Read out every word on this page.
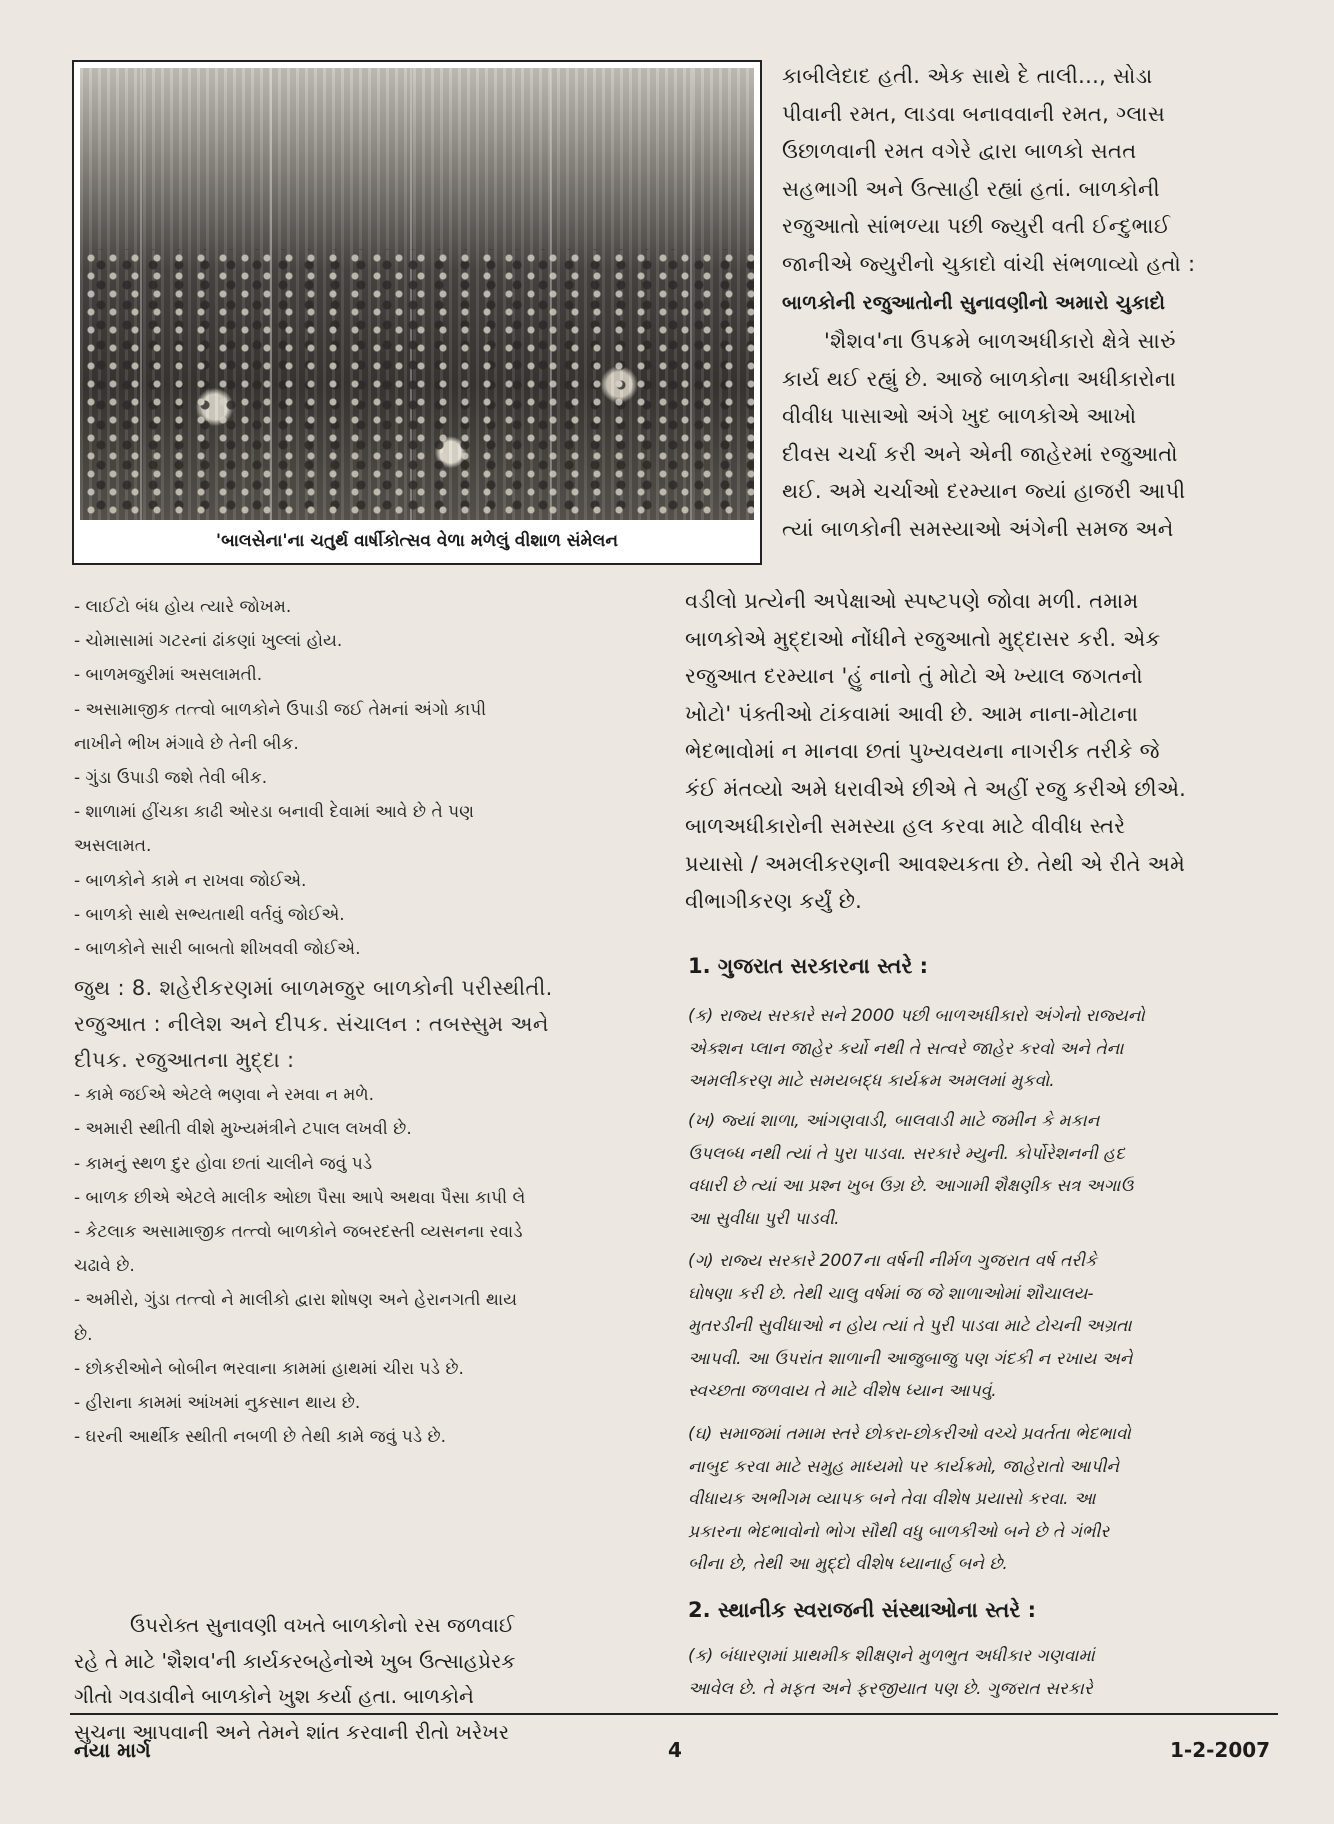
'બાલસેના'ના ચતુર્થ વાર્ષીકોત્સવ વેળા મળેલું વીશાળ સંમેલન

કાબીલેદાદ હતી. એક સાથે દે તાલી..., સોડા

પીવાની રમત, લાડવા બનાવવાની રમત, ગ્લાસ

ઉછાળવાની રમત વગેરે દ્વારા બાળકો સતત

સહભાગી અને ઉત્સાહી રહ્યાં હતાં. બાળકોની

રજુઆતો સાંભળ્યા પછી જ્યુરી વતી ઈન્દુભાઈ

જાનીએ જ્યુરીનો ચુકાદો વાંચી સંભળાવ્યો હતો :

બાળકોની રજુઆતોની સુનાવણીનો અમારો ચુકાદો

'શૈશવ'ના ઉપક્રમે બાળઅધીકારો ક્ષેત્રે સારું

કાર્ય થઈ રહ્યું છે. આજે બાળકોના અધીકારોના

વીવીધ પાસાઓ અંગે ખુદ બાળકોએ આખો

દીવસ ચર્ચા કરી અને એની જાહેરમાં રજુઆતો

થઈ. અમે ચર્ચાઓ દરમ્યાન જ્યાં હાજરી આપી

ત્યાં બાળકોની સમસ્યાઓ અંગેની સમજ અને

વડીલો પ્રત્યેની અપેક્ષાઓ સ્પષ્ટપણે જોવા મળી. તમામ

બાળકોએ મુદ્દાઓ નોંધીને રજુઆતો મુદ્દાસર કરી. એક

રજુઆત દરમ્યાન 'હું નાનો તું મોટો એ ખ્યાલ જગતનો

ખોટો' પંક્તીઓ ટાંકવામાં આવી છે. આમ નાના-મોટાના

ભેદભાવોમાં ન માનવા છતાં પુખ્યવયના નાગરીક તરીકે જે

કંઈ મંતવ્યો અમે ધરાવીએ છીએ તે અહીં રજુ કરીએ છીએ.

બાળઅધીકારોની સમસ્યા હલ કરવા માટે વીવીધ સ્તરે

પ્રયાસો / અમલીકરણની આવશ્યકતા છે. તેથી એ રીતે અમે

વીભાગીકરણ કર્યું છે.

1. ગુજરાત સરકારના સ્તરે :
(ક) રાજ્ય સરકારે સને 2000 પછી બાળઅધીકારો અંગેનો રાજ્યનો
એક્શન પ્લાન જાહેર કર્યો નથી તે સત્વરે જાહેર કરવો અને તેના
અમલીકરણ માટે સમયબદ્ધ કાર્યક્રમ અમલમાં મુકવો.
(ખ) જ્યાં શાળા, આંગણવાડી, બાલવાડી માટે જમીન કે મકાન
ઉપલબ્ધ નથી ત્યાં તે પુરા પાડવા. સરકારે મ્યુની. કોર્પોરેશનની હદ
વધારી છે ત્યાં આ પ્રશ્ન ખુબ ઉગ્ર છે. આગામી શૈક્ષણીક સત્ર અગાઉ
આ સુવીધા પુરી પાડવી.
(ગ) રાજ્ય સરકારે 2007ના વર્ષની નીર્મળ ગુજરાત વર્ષ તરીકે
ઘોષણા કરી છે. તેથી ચાલુ વર્ષમાં જ જે શાળાઓમાં શૌચાલય-
મુતરડીની સુવીધાઓ ન હોય ત્યાં તે પુરી પાડવા માટે ટોચની અગ્રતા
આપવી. આ ઉપરાંત શાળાની આજુબાજુ પણ ગંદકી ન રખાય અને
સ્વચ્છતા જળવાય તે માટે વીશેષ ધ્યાન આપવું.
(ઘ) સમાજમાં તમામ સ્તરે છોકરા-છોકરીઓ વચ્ચે પ્રવર્તતા ભેદભાવો
નાબુદ કરવા માટે સમુહ માધ્યમો પર કાર્યક્રમો, જાહેરાતો આપીને
વીધાયક અભીગમ વ્યાપક બને તેવા વીશેષ પ્રયાસો કરવા. આ
પ્રકારના ભેદભાવોનો ભોગ સૌથી વધુ બાળકીઓ બને છે તે ગંભીર
બીના છે, તેથી આ મુદ્દો વીશેષ ધ્યાનાર્હ બને છે.
2. સ્થાનીક સ્વરાજની સંસ્થાઓના સ્તરે :
(ક) બંધારણમાં પ્રાથમીક શીક્ષણને મુળભુત અધીકાર ગણવામાં
આવેલ છે. તે મફત અને ફરજીયાત પણ છે. ગુજરાત સરકારે
- લાઈટો બંધ હોય ત્યારે જોખમ.
- ચોમાસામાં ગટરનાં ઢાંકણાં ખુલ્લાં હોય.
- બાળમજુરીમાં અસલામતી.
- અસામાજીક તત્ત્વો બાળકોને ઉપાડી જઈ તેમનાં અંગો કાપી
નાખીને ભીખ મંગાવે છે તેની બીક.
- ગુંડા ઉપાડી જશે તેવી બીક.
- શાળામાં હીંચકા કાઢી ઓરડા બનાવી દેવામાં આવે છે તે પણ
અસલામત.
- બાળકોને કામે ન રાખવા જોઈએ.
- બાળકો સાથે સભ્યતાથી વર્તવું જોઈએ.
- બાળકોને સારી બાબતો શીખવવી જોઈએ.
જુથ : 8. શહેરીકરણમાં બાળમજુર બાળકોની પરીસ્થીતી.
રજુઆત : નીલેશ અને દીપક. સંચાલન : તબસ્સુમ અને
દીપક. રજુઆતના મુદ્દા :
- કામે જઈએ એટલે ભણવા ને રમવા ન મળે.
- અમારી સ્થીતી વીશે મુખ્યમંત્રીને ટપાલ લખવી છે.
- કામનું સ્થળ દુર હોવા છતાં ચાલીને જવું પડે
- બાળક છીએ એટલે માલીક ઓછા પૈસા આપે અથવા પૈસા કાપી લે
- કેટલાક અસામાજીક તત્ત્વો બાળકોને જબરદસ્તી વ્યસનના રવાડે
ચઢાવે છે.
- અમીરો, ગુંડા તત્ત્વો ને માલીકો દ્વારા શોષણ અને હેરાનગતી થાય
છે.
- છોકરીઓને બોબીન ભરવાના કામમાં હાથમાં ચીરા પડે છે.
- હીરાના કામમાં આંખમાં નુકસાન થાય છે.
- ઘરની આર્થીક સ્થીતી નબળી છે તેથી કામે જવું પડે છે.

ઉપરોક્ત સુનાવણી વખતે બાળકોનો રસ જળવાઈ

રહે તે માટે 'શૈશવ'ની કાર્યકરબહેનોએ ખુબ ઉત્સાહપ્રેરક

ગીતો ગવડાવીને બાળકોને ખુશ કર્યા હતા. બાળકોને

સુચના આપવાની અને તેમને શાંત કરવાની રીતો ખરેખર

નયા માર્ગ	4	1-2-2007
